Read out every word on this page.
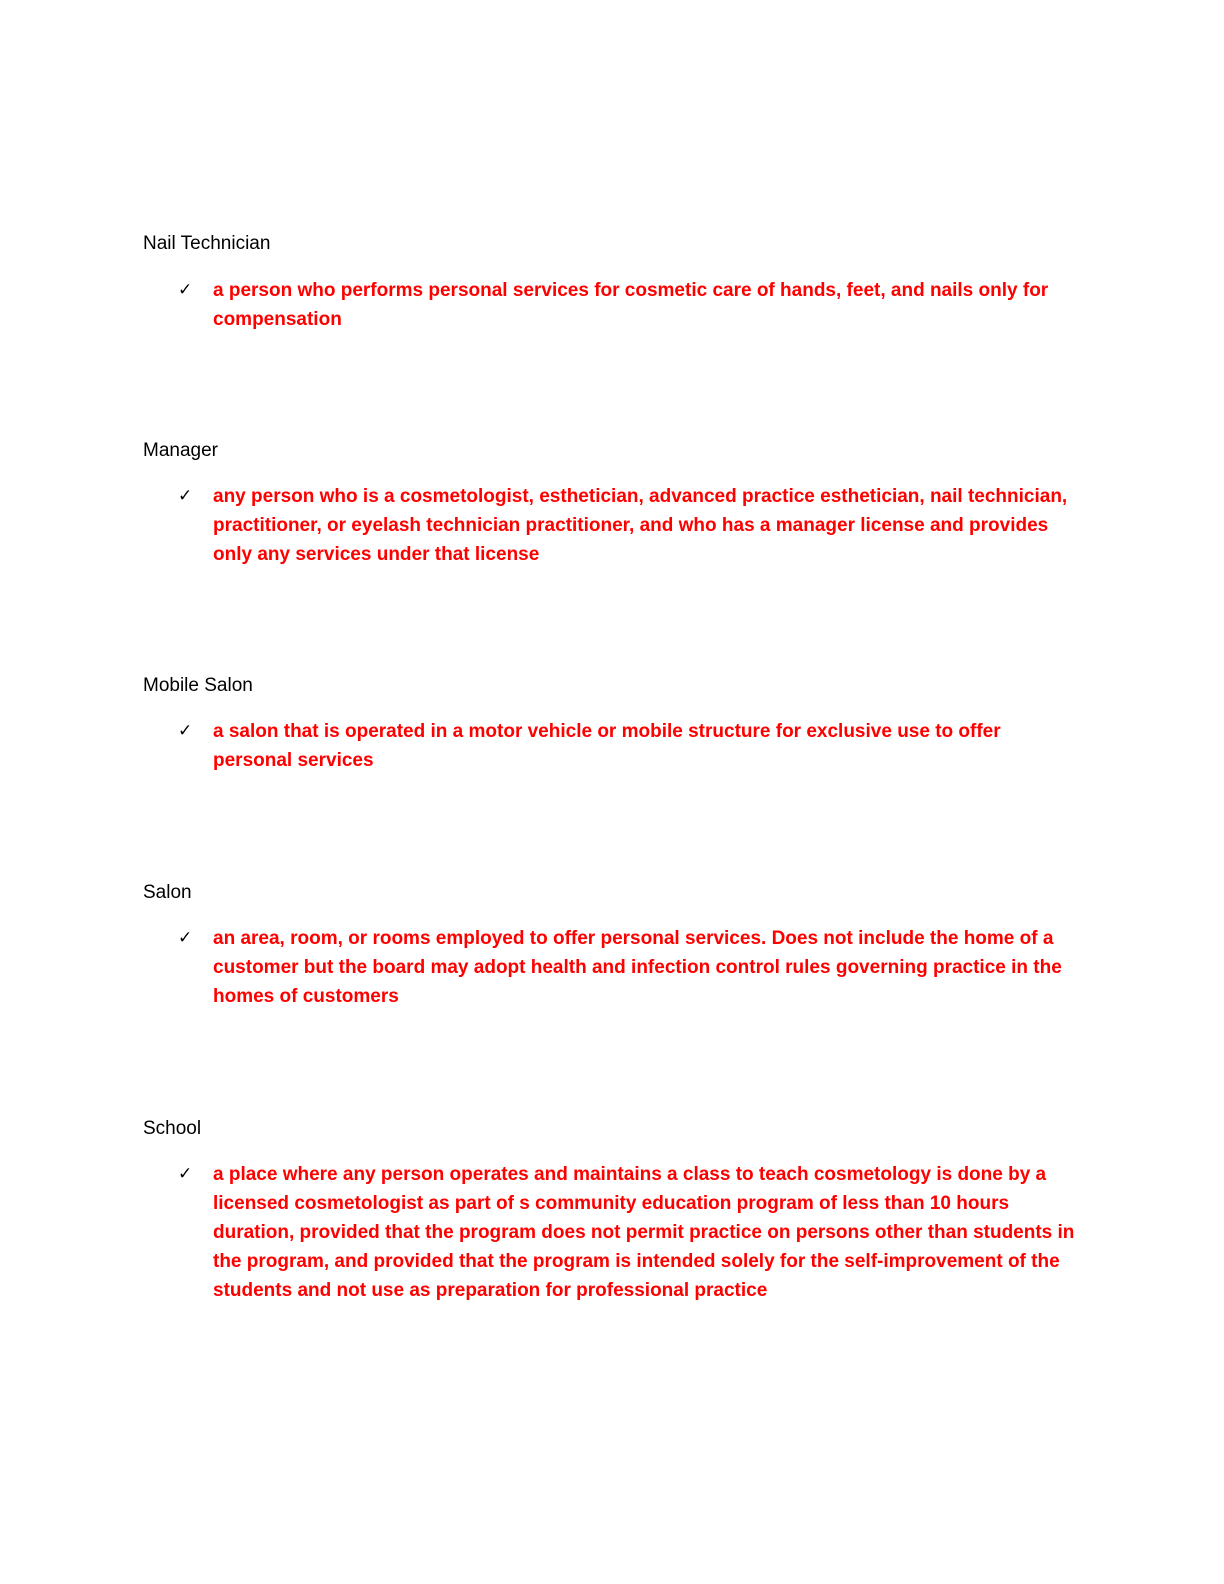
Nail Technician
✓	a person who performs personal services for cosmetic care of hands, feet, and nails only for compensation
Manager
✓	any person who is a cosmetologist, esthetician, advanced practice esthetician, nail technician, practitioner, or eyelash technician practitioner, and who has a manager license and provides only any services under that license
Mobile Salon
✓	a salon that is operated in a motor vehicle or mobile structure for exclusive use to offer personal services
Salon
✓	an area, room, or rooms employed to offer personal services. Does not include the home of a customer but the board may adopt health and infection control rules governing practice in the homes of customers
School
✓	a place where any person operates and maintains a class to teach cosmetology is done by a licensed cosmetologist as part of s community education program of less than 10 hours duration, provided that the program does not permit practice on persons other than students in the program, and provided that the program is intended solely for the self-improvement of the students and not use as preparation for professional practice
